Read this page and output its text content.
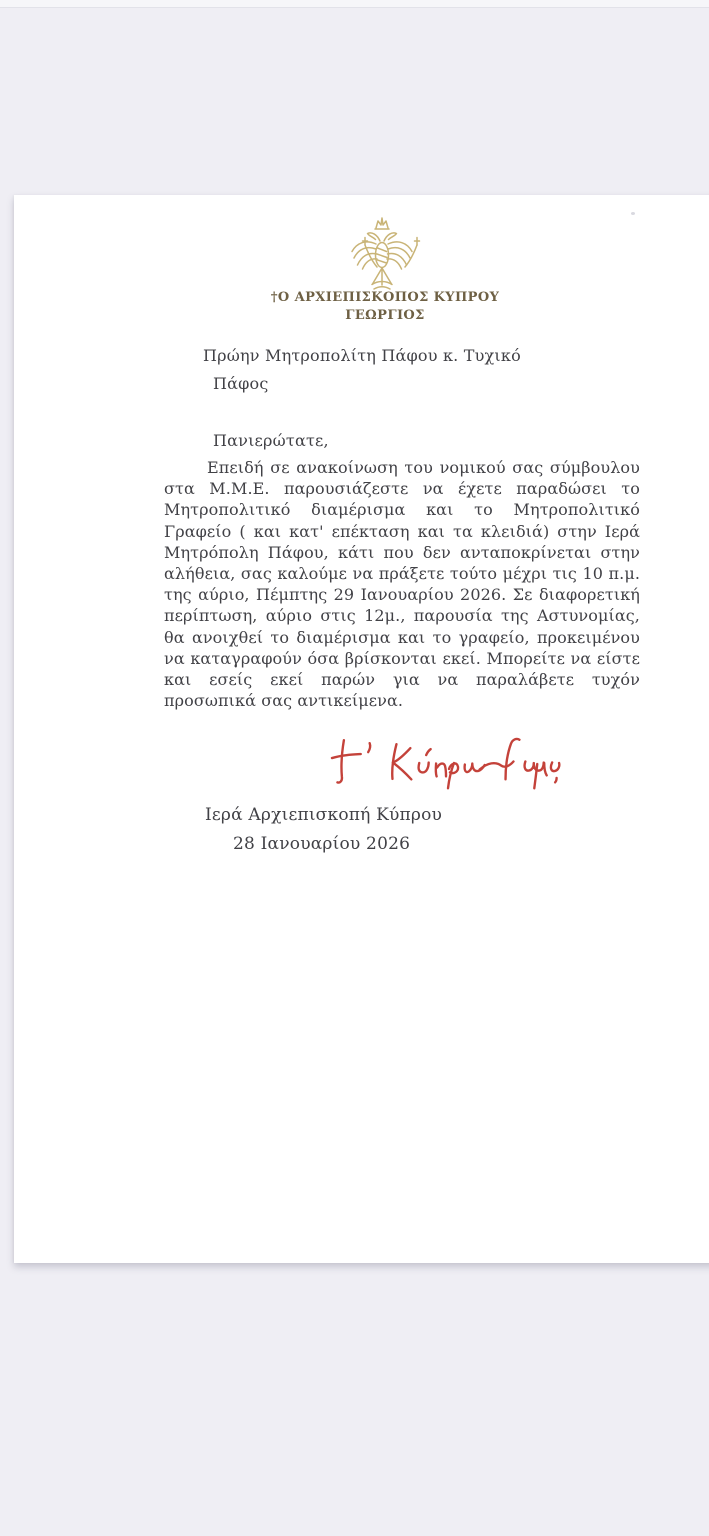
†Ο ΑΡΧΙΕΠΙΣΚΟΠΟΣ ΚΥΠΡΟΥ
ΓΕΩΡΓΙΟΣ
Πρώην Μητροπολίτη Πάφου κ. Τυχικό
Πάφος
Πανιερώτατε,
Επειδή σε ανακοίνωση του νομικού σας σύμβουλου
στα Μ.Μ.Ε. παρουσιάζεστε να έχετε παραδώσει το
Μητροπολιτικό διαμέρισμα και το Μητροπολιτικό
Γραφείο ( και κατ' επέκταση και τα κλειδιά) στην Ιερά
Μητρόπολη Πάφου, κάτι που δεν ανταποκρίνεται στην
αλήθεια, σας καλούμε να πράξετε τούτο μέχρι τις 10 π.μ.
της αύριο, Πέμπτης 29 Ιανουαρίου 2026. Σε διαφορετική
περίπτωση, αύριο στις 12μ., παρουσία της Αστυνομίας,
θα ανοιχθεί το διαμέρισμα και το γραφείο, προκειμένου
να καταγραφούν όσα βρίσκονται εκεί. Μπορείτε να είστε
και εσείς εκεί παρών για να παραλάβετε τυχόν
προσωπικά σας αντικείμενα.
Ιερά Αρχιεπισκοπή Κύπρου
28 Ιανουαρίου 2026
